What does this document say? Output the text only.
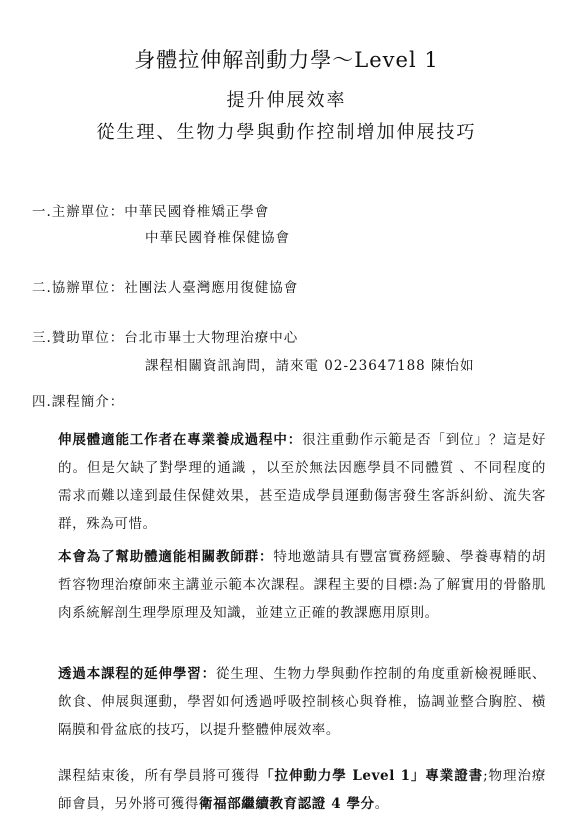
身體拉伸解剖動力學～Level 1
提升伸展效率
從生理、生物力學與動作控制增加伸展技巧
一.主辦單位：中華民國脊椎矯正學會
中華民國脊椎保健協會
二.協辦單位：社團法人臺灣應用復健協會
三.贊助單位：台北市畢士大物理治療中心
課程相關資訊詢問，請來電 02-23647188 陳怡如
四.課程簡介：
伸展體適能工作者在專業養成過程中：很注重動作示範是否「到位」？這是好的。但是欠缺了對學理的通識 ，以至於無法因應學員不同體質 、不同程度的需求而難以達到最佳保健效果，甚至造成學員運動傷害發生客訴糾紛、流失客群，殊為可惜。
本會為了幫助體適能相關教師群：特地邀請具有豐富實務經驗、學養專精的胡哲容物理治療師來主講並示範本次課程。課程主要的目標:為了解實用的骨骼肌肉系統解剖生理學原理及知識，並建立正確的教課應用原則。
透過本課程的延伸學習：從生理、生物力學與動作控制的角度重新檢視睡眠、飲食、伸展與運動，學習如何透過呼吸控制核心與脊椎，協調並整合胸腔、橫隔膜和骨盆底的技巧，以提升整體伸展效率。
課程結束後，所有學員將可獲得「拉伸動力學 Level 1」專業證書;物理治療師會員，另外將可獲得衛福部繼續教育認證 4 學分。
